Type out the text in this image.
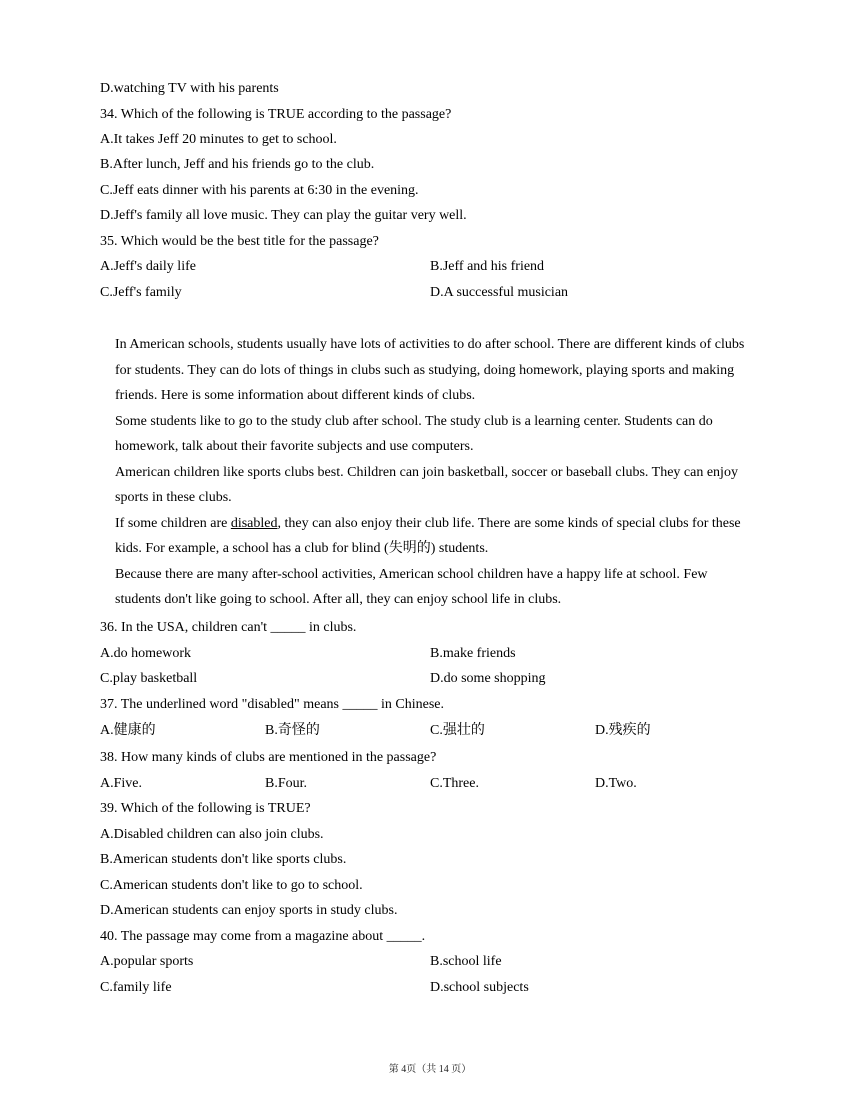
D.watching TV with his parents
34. Which of the following is TRUE according to the passage?
A.It takes Jeff 20 minutes to get to school.
B.After lunch, Jeff and his friends go to the club.
C.Jeff eats dinner with his parents at 6:30 in the evening.
D.Jeff's family all love music. They can play the guitar very well.
35. Which would be the best title for the passage?
A.Jeff's daily life	B.Jeff and his friend
C.Jeff's family	D.A successful musician
In American schools, students usually have lots of activities to do after school. There are different kinds of clubs for students. They can do lots of things in clubs such as studying, doing homework, playing sports and making friends. Here is some information about different kinds of clubs.
Some students like to go to the study club after school. The study club is a learning center. Students can do homework, talk about their favorite subjects and use computers.
American children like sports clubs best. Children can join basketball, soccer or baseball clubs. They can enjoy sports in these clubs.
If some children are disabled, they can also enjoy their club life. There are some kinds of special clubs for these kids. For example, a school has a club for blind (失明的) students.
Because there are many after-school activities, American school children have a happy life at school. Few students don't like going to school. After all, they can enjoy school life in clubs.
36. In the USA, children can't _____ in clubs.
A.do homework	B.make friends
C.play basketball	D.do some shopping
37. The underlined word "disabled" means _____ in Chinese.
A.健康的	B.奇怪的	C.强壮的	D.残疾的
38. How many kinds of clubs are mentioned in the passage?
A.Five.	B.Four.	C.Three.	D.Two.
39. Which of the following is TRUE?
A.Disabled children can also join clubs.
B.American students don't like sports clubs.
C.American students don't like to go to school.
D.American students can enjoy sports in study clubs.
40. The passage may come from a magazine about _____.
A.popular sports	B.school life
C.family life	D.school subjects
第 4页（共 14 页）
